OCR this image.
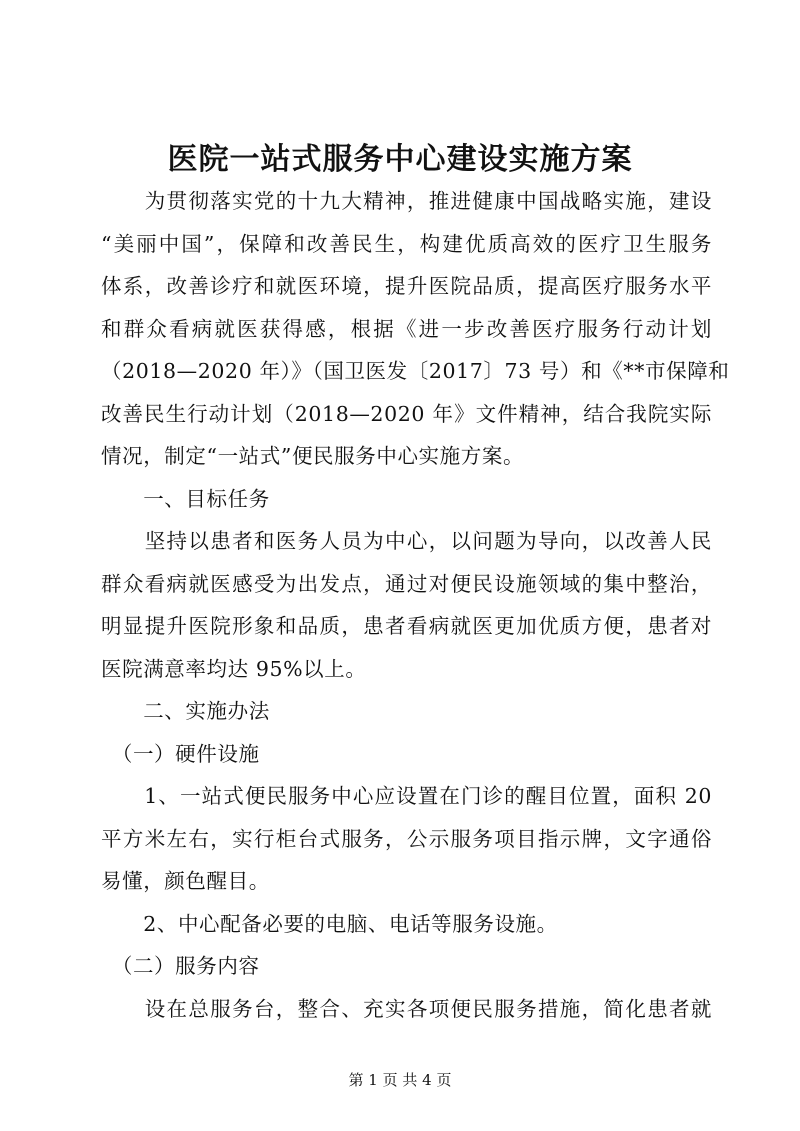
医院一站式服务中心建设实施方案
　　为贯彻落实党的十九大精神，推进健康中国战略实施，建设
“美丽中国”，保障和改善民生，构建优质高效的医疗卫生服务
体系，改善诊疗和就医环境，提升医院品质，提高医疗服务水平
和群众看病就医获得感，根据《进一步改善医疗服务行动计划
（2018—2020 年）》（国卫医发〔2017〕73 号）和《**市保障和
改善民生行动计划（2018—2020 年》文件精神，结合我院实际
情况，制定“一站式”便民服务中心实施方案。
　　一、目标任务
　　坚持以患者和医务人员为中心，以问题为导向，以改善人民
群众看病就医感受为出发点，通过对便民设施领域的集中整治，
明显提升医院形象和品质，患者看病就医更加优质方便，患者对
医院满意率均达 95%以上。
　　二、实施办法
　（一）硬件设施
　　1、一站式便民服务中心应设置在门诊的醒目位置，面积 20
平方米左右，实行柜台式服务，公示服务项目指示牌，文字通俗
易懂，颜色醒目。
　　2、中心配备必要的电脑、电话等服务设施。
　（二）服务内容
　　设在总服务台，整合、充实各项便民服务措施，简化患者就
第 1 页 共 4 页
